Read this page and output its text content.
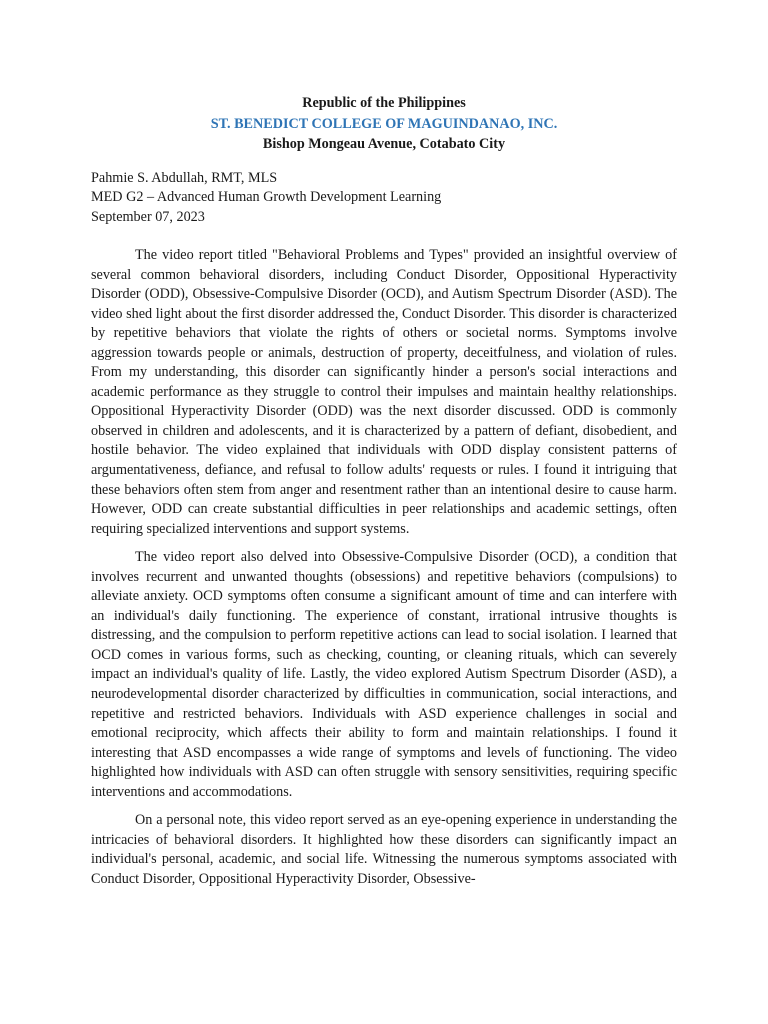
Republic of the Philippines
ST. BENEDICT COLLEGE OF MAGUINDANAO, INC.
Bishop Mongeau Avenue, Cotabato City
Pahmie S. Abdullah, RMT, MLS
MED G2 – Advanced Human Growth Development Learning
September 07, 2023

The video report titled "Behavioral Problems and Types" provided an insightful overview of several common behavioral disorders, including Conduct Disorder, Oppositional Hyperactivity Disorder (ODD), Obsessive-Compulsive Disorder (OCD), and Autism Spectrum Disorder (ASD). The video shed light about the first disorder addressed the, Conduct Disorder. This disorder is characterized by repetitive behaviors that violate the rights of others or societal norms. Symptoms involve aggression towards people or animals, destruction of property, deceitfulness, and violation of rules. From my understanding, this disorder can significantly hinder a person's social interactions and academic performance as they struggle to control their impulses and maintain healthy relationships. Oppositional Hyperactivity Disorder (ODD) was the next disorder discussed. ODD is commonly observed in children and adolescents, and it is characterized by a pattern of defiant, disobedient, and hostile behavior. The video explained that individuals with ODD display consistent patterns of argumentativeness, defiance, and refusal to follow adults' requests or rules. I found it intriguing that these behaviors often stem from anger and resentment rather than an intentional desire to cause harm. However, ODD can create substantial difficulties in peer relationships and academic settings, often requiring specialized interventions and support systems.

The video report also delved into Obsessive-Compulsive Disorder (OCD), a condition that involves recurrent and unwanted thoughts (obsessions) and repetitive behaviors (compulsions) to alleviate anxiety. OCD symptoms often consume a significant amount of time and can interfere with an individual's daily functioning. The experience of constant, irrational intrusive thoughts is distressing, and the compulsion to perform repetitive actions can lead to social isolation. I learned that OCD comes in various forms, such as checking, counting, or cleaning rituals, which can severely impact an individual's quality of life. Lastly, the video explored Autism Spectrum Disorder (ASD), a neurodevelopmental disorder characterized by difficulties in communication, social interactions, and repetitive and restricted behaviors. Individuals with ASD experience challenges in social and emotional reciprocity, which affects their ability to form and maintain relationships. I found it interesting that ASD encompasses a wide range of symptoms and levels of functioning. The video highlighted how individuals with ASD can often struggle with sensory sensitivities, requiring specific interventions and accommodations.

On a personal note, this video report served as an eye-opening experience in understanding the intricacies of behavioral disorders. It highlighted how these disorders can significantly impact an individual's personal, academic, and social life. Witnessing the numerous symptoms associated with Conduct Disorder, Oppositional Hyperactivity Disorder, Obsessive-
